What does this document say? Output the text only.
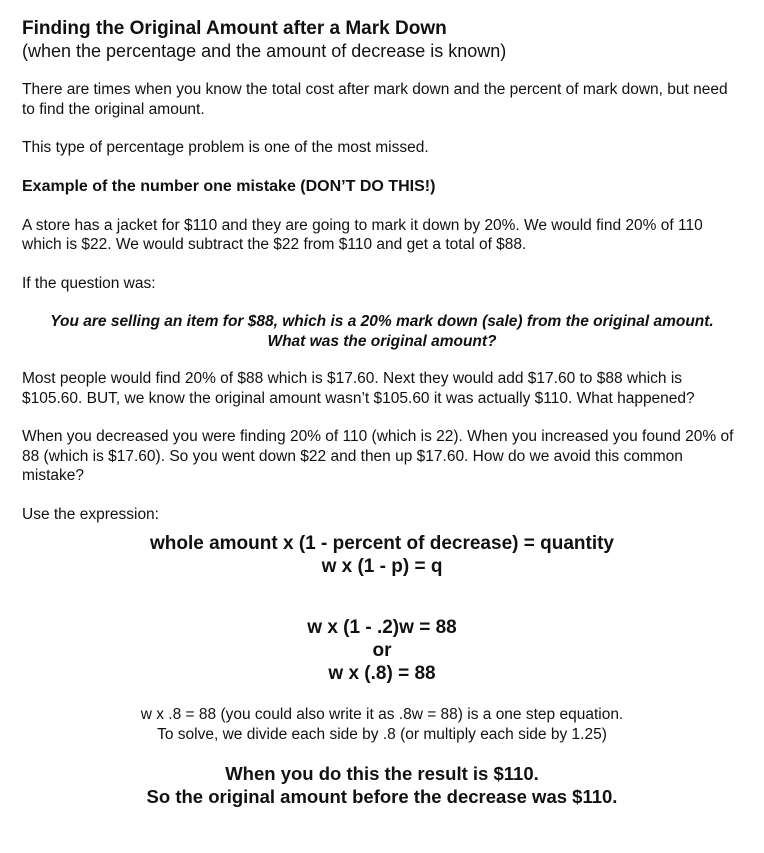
Finding the Original Amount after a Mark Down
(when the percentage and the amount of decrease is known)

There are times when you know the total cost after mark down and the percent of mark down, but need to find the original amount.

This type of percentage problem is one of the most missed.

Example of the number one mistake (DON’T DO THIS!)

A store has a jacket for $110 and they are going to mark it down by 20%. We would find 20% of 110 which is $22. We would subtract the $22 from $110 and get a total of $88.

If the question was:

You are selling an item for $88, which is a 20% mark down (sale) from the original amount.
What was the original amount?

Most people would find 20% of $88 which is $17.60. Next they would add $17.60 to $88 which is $105.60. BUT, we know the original amount wasn’t $105.60 it was actually $110. What happened?

When you decreased you were finding 20% of 110 (which is 22). When you increased you found 20% of 88 (which is $17.60). So you went down $22 and then up $17.60. How do we avoid this common mistake?

Use the expression:

whole amount x (1 - percent of decrease) = quantity
w x (1 - p) = q
w x (1 - .2)w = 88
or
w x (.8) = 88
w x .8 = 88 (you could also write it as .8w = 88) is a one step equation.
To solve, we divide each side by .8 (or multiply each side by 1.25)
When you do this the result is $110.
So the original amount before the decrease was $110.
